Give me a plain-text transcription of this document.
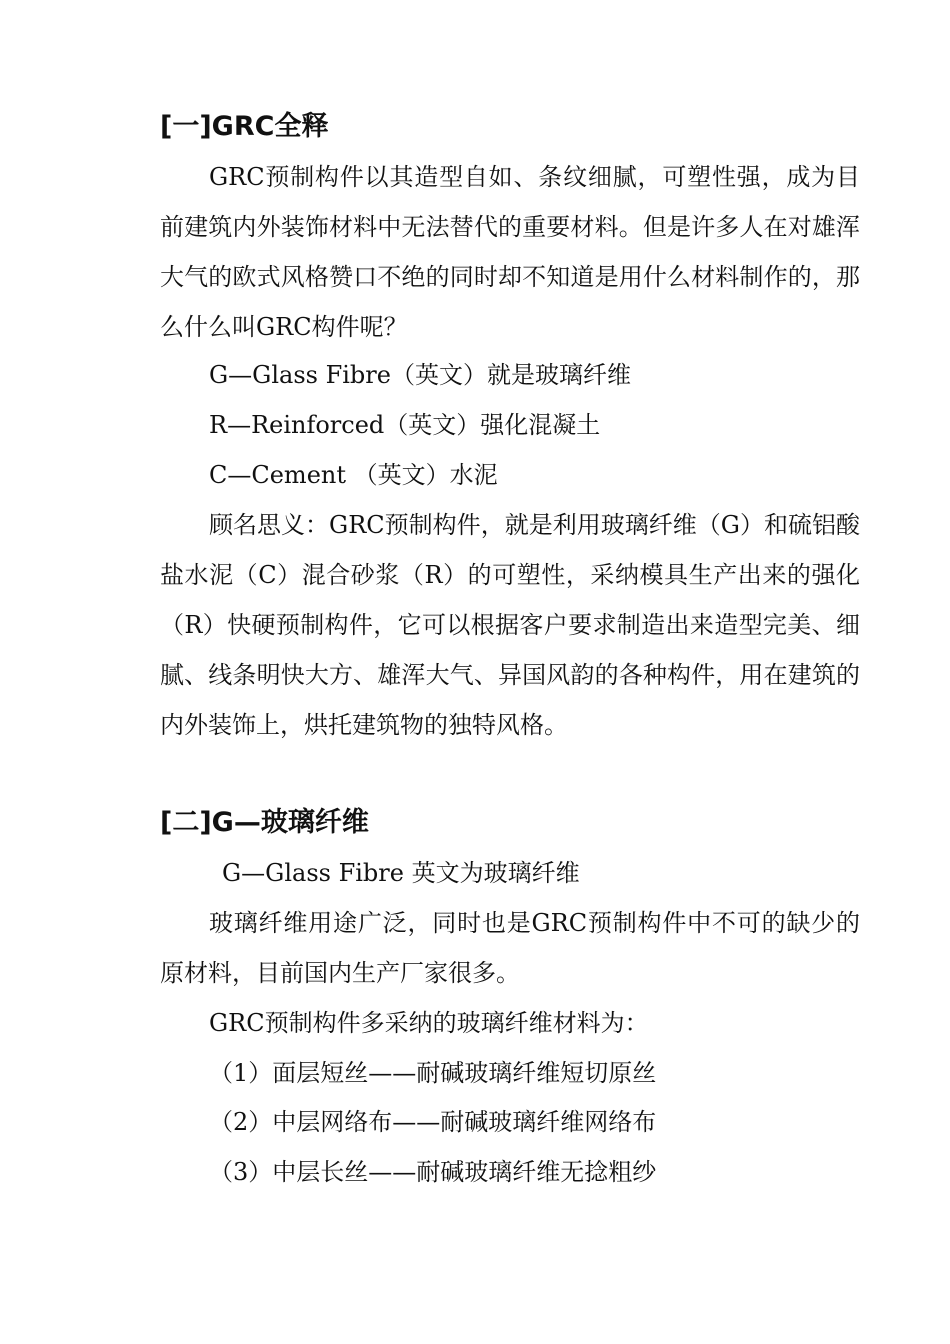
[一]GRC全释
GRC预制构件以其造型自如、条纹细腻，可塑性强，成为目前建筑内外装饰材料中无法替代的重要材料。但是许多人在对雄浑大气的欧式风格赞口不绝的同时却不知道是用什么材料制作的，那么什么叫GRC构件呢？
G—Glass Fibre（英文）就是玻璃纤维
R—Reinforced（英文）强化混凝土
C—Cement （英文）水泥
顾名思义：GRC预制构件，就是利用玻璃纤维（G）和硫铝酸盐水泥（C）混合砂浆（R）的可塑性，采纳模具生产出来的强化（R）快硬预制构件，它可以根据客户要求制造出来造型完美、细腻、线条明快大方、雄浑大气、异国风韵的各种构件，用在建筑的内外装饰上，烘托建筑物的独特风格。
[二]G—玻璃纤维
G—Glass Fibre 英文为玻璃纤维
玻璃纤维用途广泛，同时也是GRC预制构件中不可的缺少的原材料，目前国内生产厂家很多。
GRC预制构件多采纳的玻璃纤维材料为：
（1）面层短丝——耐碱玻璃纤维短切原丝
（2）中层网络布——耐碱玻璃纤维网络布
（3）中层长丝——耐碱玻璃纤维无捻粗纱
